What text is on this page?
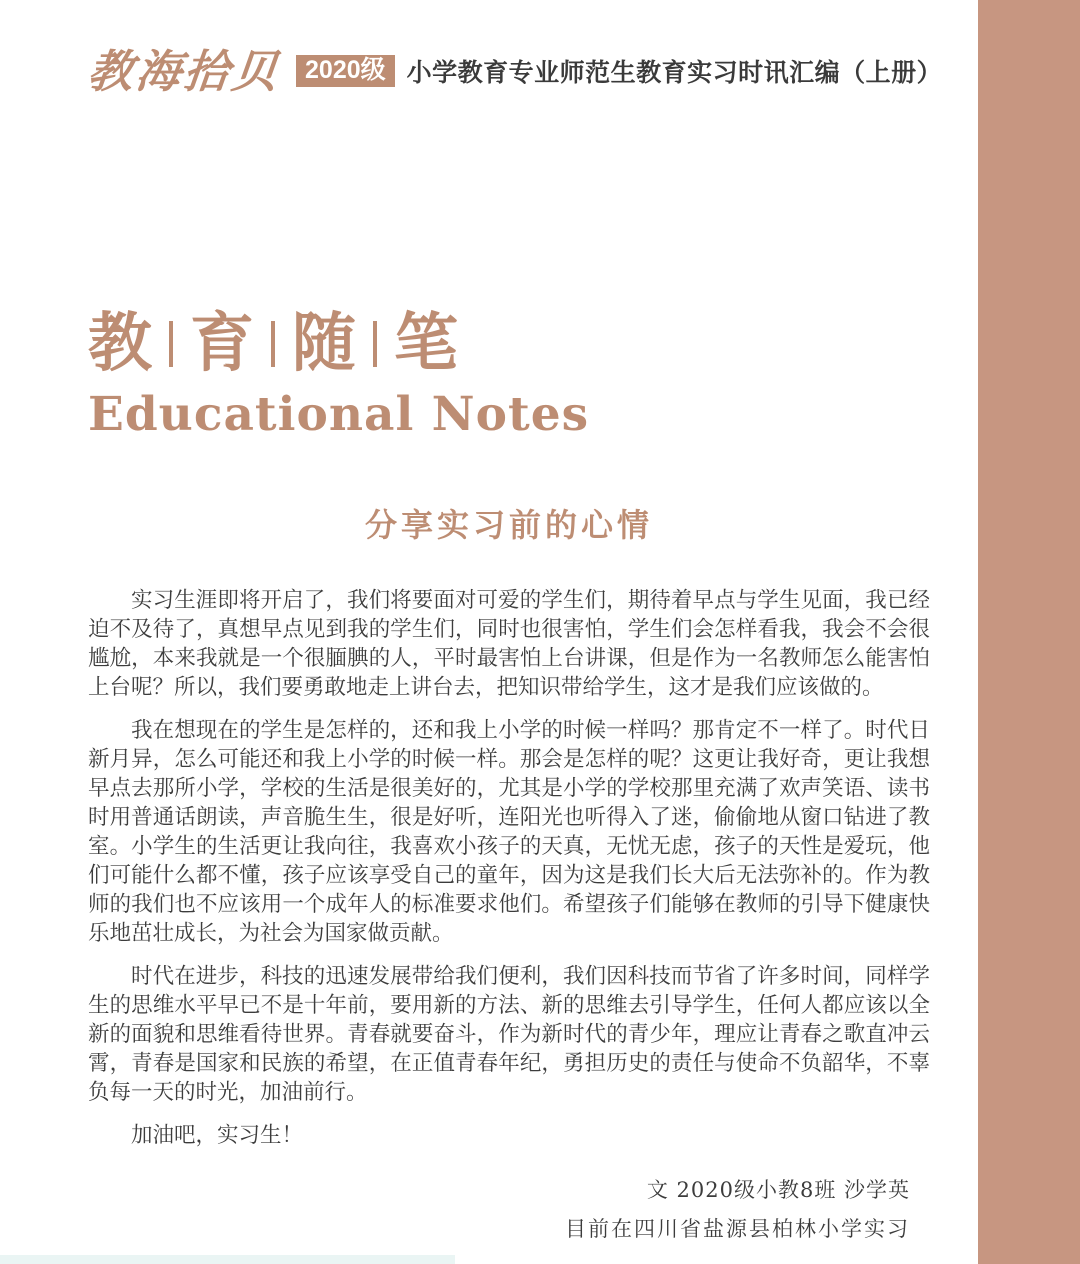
教海拾贝 2020级 小学教育专业师范生教育实习时讯汇编（上册）
教 育 随 笔
Educational Notes
分享实习前的心情

实习生涯即将开启了，我们将要面对可爱的学生们，期待着早点与学生见面，我已经迫不及待了，真想早点见到我的学生们，同时也很害怕，学生们会怎样看我，我会不会很尴尬，本来我就是一个很腼腆的人，平时最害怕上台讲课，但是作为一名教师怎么能害怕上台呢？所以，我们要勇敢地走上讲台去，把知识带给学生，这才是我们应该做的。

我在想现在的学生是怎样的，还和我上小学的时候一样吗？那肯定不一样了。时代日新月异，怎么可能还和我上小学的时候一样。那会是怎样的呢？这更让我好奇，更让我想早点去那所小学，学校的生活是很美好的，尤其是小学的学校那里充满了欢声笑语、读书时用普通话朗读，声音脆生生，很是好听，连阳光也听得入了迷，偷偷地从窗口钻进了教室。小学生的生活更让我向往，我喜欢小孩子的天真，无忧无虑，孩子的天性是爱玩，他们可能什么都不懂，孩子应该享受自己的童年，因为这是我们长大后无法弥补的。作为教师的我们也不应该用一个成年人的标准要求他们。希望孩子们能够在教师的引导下健康快乐地茁壮成长，为社会为国家做贡献。

时代在进步，科技的迅速发展带给我们便利，我们因科技而节省了许多时间，同样学生的思维水平早已不是十年前，要用新的方法、新的思维去引导学生，任何人都应该以全新的面貌和思维看待世界。青春就要奋斗，作为新时代的青少年，理应让青春之歌直冲云霄，青春是国家和民族的希望，在正值青春年纪，勇担历史的责任与使命不负韶华，不辜负每一天的时光，加油前行。

加油吧，实习生！

文 2020级小教8班 沙学英
目前在四川省盐源县柏林小学实习
